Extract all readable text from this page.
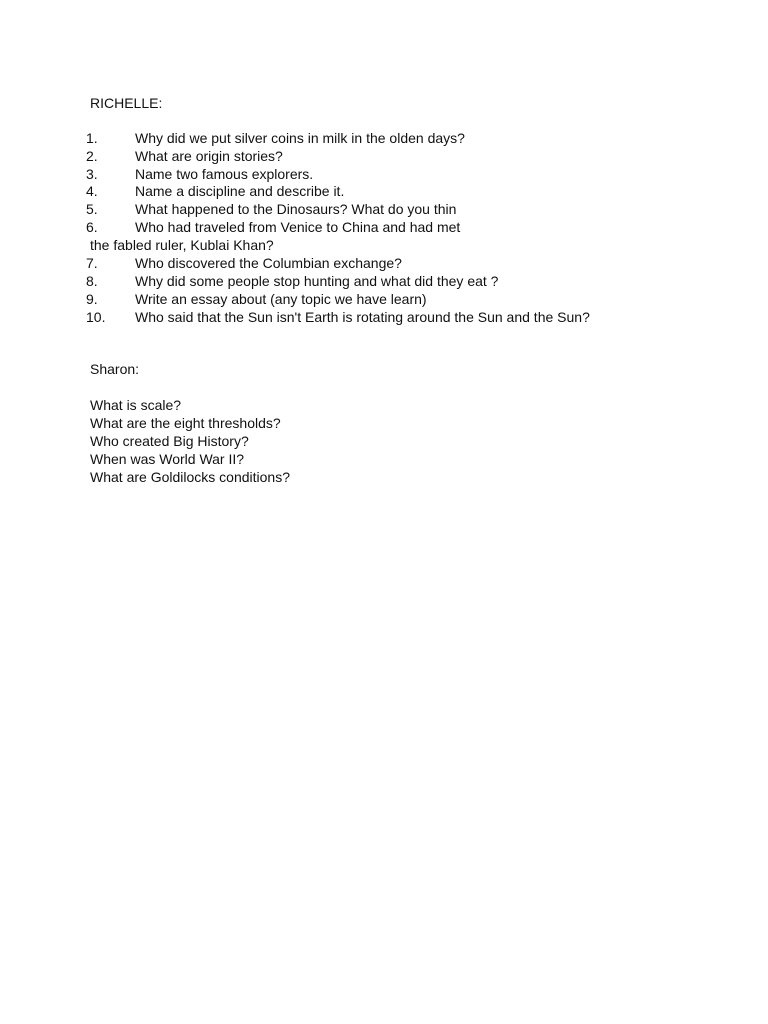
RICHELLE:
1.	Why did we put silver coins in milk in the olden days?
2.	What are origin stories?
3.	Name two famous explorers.
4.	Name a discipline and describe it.
5.	What happened to the Dinosaurs? What do you thin
6.	Who had traveled from Venice to China and had met
the fabled ruler, Kublai Khan?
7.	Who discovered the Columbian exchange?
8.	Why did some people stop hunting and what did they eat ?
9.	Write an essay about (any topic we have learn)
10. Who said that the Sun isn't Earth is rotating around the Sun and the Sun?
Sharon:
What is scale?
What are the eight thresholds?
Who created Big History?
When was World War II?
What are Goldilocks conditions?
